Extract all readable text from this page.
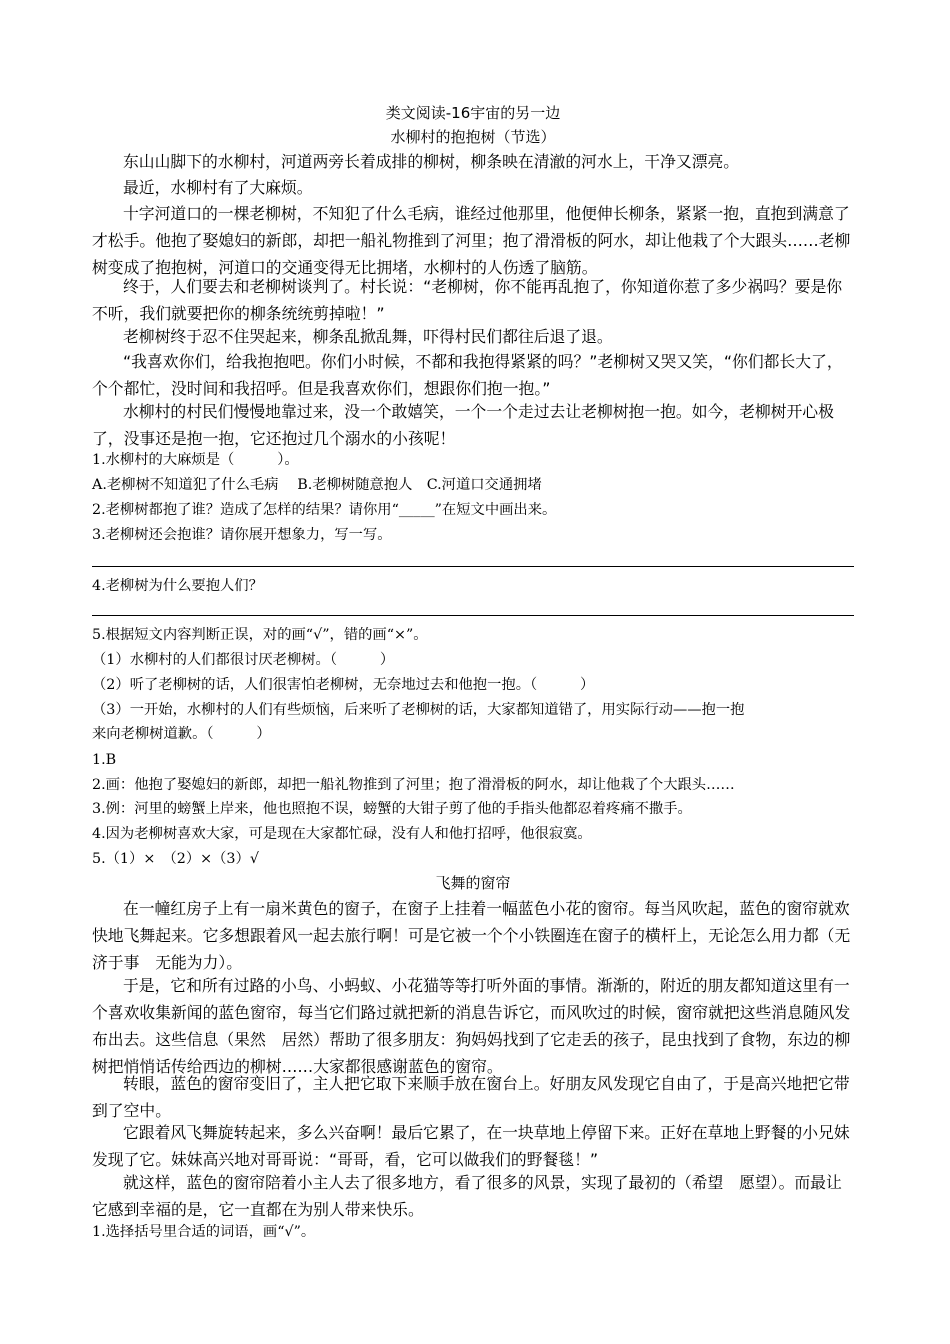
类文阅读-16宇宙的另一边
水柳村的抱抱树（节选）

东山山脚下的水柳村，河道两旁长着成排的柳树，柳条映在清澈的河水上，干净又漂亮。

最近，水柳村有了大麻烦。

十字河道口的一棵老柳树，不知犯了什么毛病，谁经过他那里，他便伸长柳条，紧紧一抱，直抱到满意了才松手。他抱了娶媳妇的新郎，却把一船礼物推到了河里；抱了滑滑板的阿水，却让他栽了个大跟头……老柳树变成了抱抱树，河道口的交通变得无比拥堵，水柳村的人伤透了脑筋。

终于，人们要去和老柳树谈判了。村长说：“老柳树，你不能再乱抱了，你知道你惹了多少祸吗？要是你不听，我们就要把你的柳条统统剪掉啦！”

老柳树终于忍不住哭起来，柳条乱掀乱舞，吓得村民们都往后退了退。

“我喜欢你们，给我抱抱吧。你们小时候，不都和我抱得紧紧的吗？”老柳树又哭又笑，“你们都长大了，个个都忙，没时间和我招呼。但是我喜欢你们，想跟你们抱一抱。”

水柳村的村民们慢慢地靠过来，没一个敢嬉笑，一个一个走过去让老柳树抱一抱。如今，老柳树开心极了，没事还是抱一抱，它还抱过几个溺水的小孩呢！

1.水柳村的大麻烦是（　　　）。

A.老柳树不知道犯了什么毛病　 B.老柳树随意抱人　C.河道口交通拥堵

2.老柳树都抱了谁？造成了怎样的结果？请你用“_____”在短文中画出来。

3.老柳树还会抱谁？请你展开想象力，写一写。

4.老柳树为什么要抱人们？

5.根据短文内容判断正误，对的画“√”，错的画“×”。

（1）水柳村的人们都很讨厌老柳树。（　　　）

（2）听了老柳树的话，人们很害怕老柳树，无奈地过去和他抱一抱。（　　　）

（3）一开始，水柳村的人们有些烦恼，后来听了老柳树的话，大家都知道错了，用实际行动——抱一抱

来向老柳树道歉。（　　　）

1.B

2.画：他抱了娶媳妇的新郎，却把一船礼物推到了河里；抱了滑滑板的阿水，却让他栽了个大跟头……

3.例：河里的螃蟹上岸来，他也照抱不误，螃蟹的大钳子剪了他的手指头他都忍着疼痛不撒手。

4.因为老柳树喜欢大家，可是现在大家都忙碌，没有人和他打招呼，他很寂寞。

5.（1）×　（2）×（3）√

飞舞的窗帘

在一幢红房子上有一扇米黄色的窗子，在窗子上挂着一幅蓝色小花的窗帘。每当风吹起，蓝色的窗帘就欢快地飞舞起来。它多想跟着风一起去旅行啊！可是它被一个个小铁圈连在窗子的横杆上，无论怎么用力都（无济于事　无能为力）。

于是，它和所有过路的小鸟、小蚂蚁、小花猫等等打听外面的事情。渐渐的，附近的朋友都知道这里有一个喜欢收集新闻的蓝色窗帘，每当它们路过就把新的消息告诉它，而风吹过的时候，窗帘就把这些消息随风发布出去。这些信息（果然　居然）帮助了很多朋友：狗妈妈找到了它走丢的孩子，昆虫找到了食物，东边的柳树把悄悄话传给西边的柳树……大家都很感谢蓝色的窗帘。

转眼，蓝色的窗帘变旧了，主人把它取下来顺手放在窗台上。好朋友风发现它自由了，于是高兴地把它带到了空中。

它跟着风飞舞旋转起来，多么兴奋啊！最后它累了，在一块草地上停留下来。正好在草地上野餐的小兄妹发现了它。妹妹高兴地对哥哥说：“哥哥，看，它可以做我们的野餐毯！”

就这样，蓝色的窗帘陪着小主人去了很多地方，看了很多的风景，实现了最初的（希望　愿望）。而最让它感到幸福的是，它一直都在为别人带来快乐。

1.选择括号里合适的词语，画“√”。
